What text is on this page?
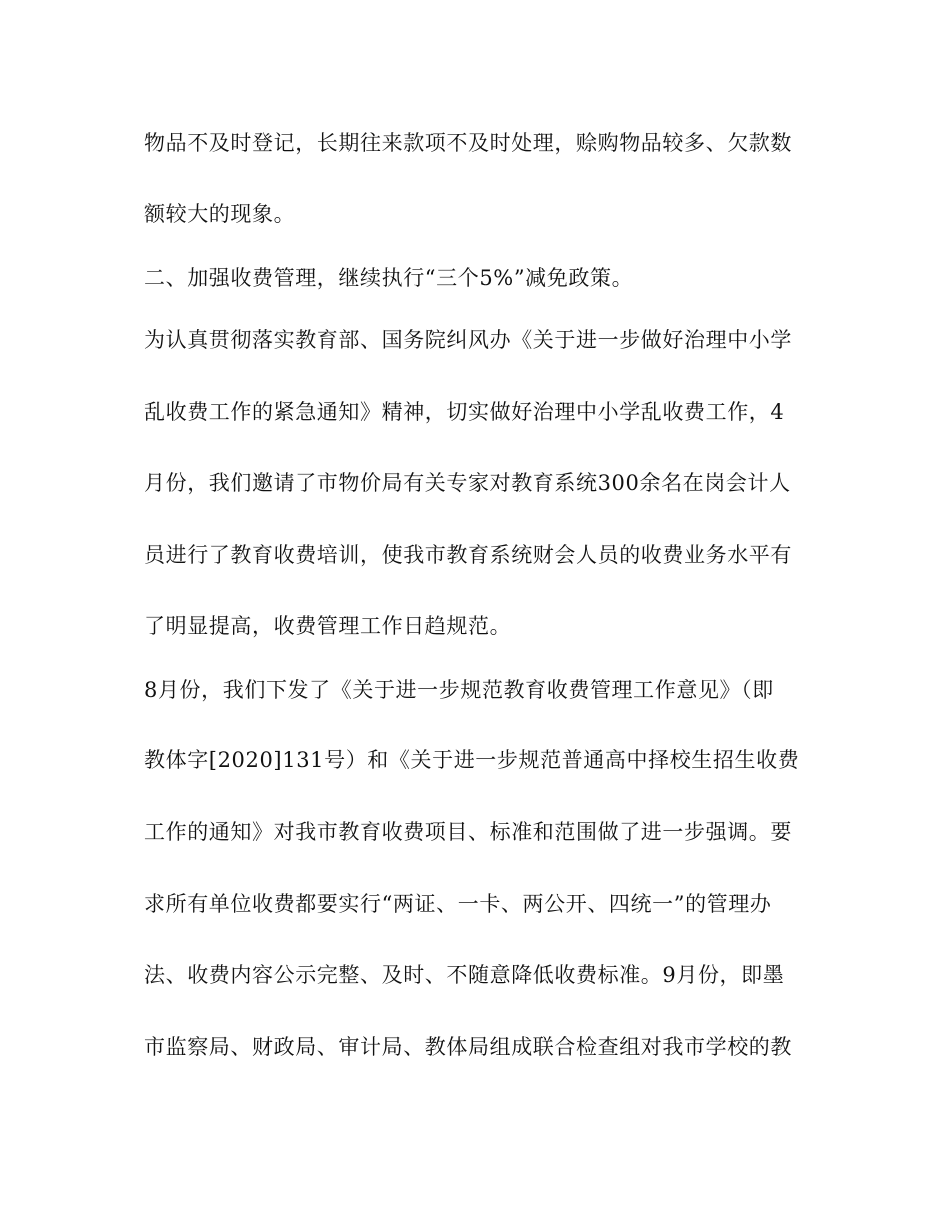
物品不及时登记，长期往来款项不及时处理，赊购物品较多、欠款数
额较大的现象。
二、加强收费管理，继续执行“三个5%”减免政策。
为认真贯彻落实教育部、国务院纠风办《关于进一步做好治理中小学
乱收费工作的紧急通知》精神，切实做好治理中小学乱收费工作，4
月份，我们邀请了市物价局有关专家对教育系统300余名在岗会计人
员进行了教育收费培训，使我市教育系统财会人员的收费业务水平有
了明显提高，收费管理工作日趋规范。
8月份，我们下发了《关于进一步规范教育收费管理工作意见》（即
教体字[2020]131号）和《关于进一步规范普通高中择校生招生收费
工作的通知》对我市教育收费项目、标准和范围做了进一步强调。要
求所有单位收费都要实行“两证、一卡、两公开、四统一”的管理办
法、收费内容公示完整、及时、不随意降低收费标准。9月份，即墨
市监察局、财政局、审计局、教体局组成联合检查组对我市学校的教
